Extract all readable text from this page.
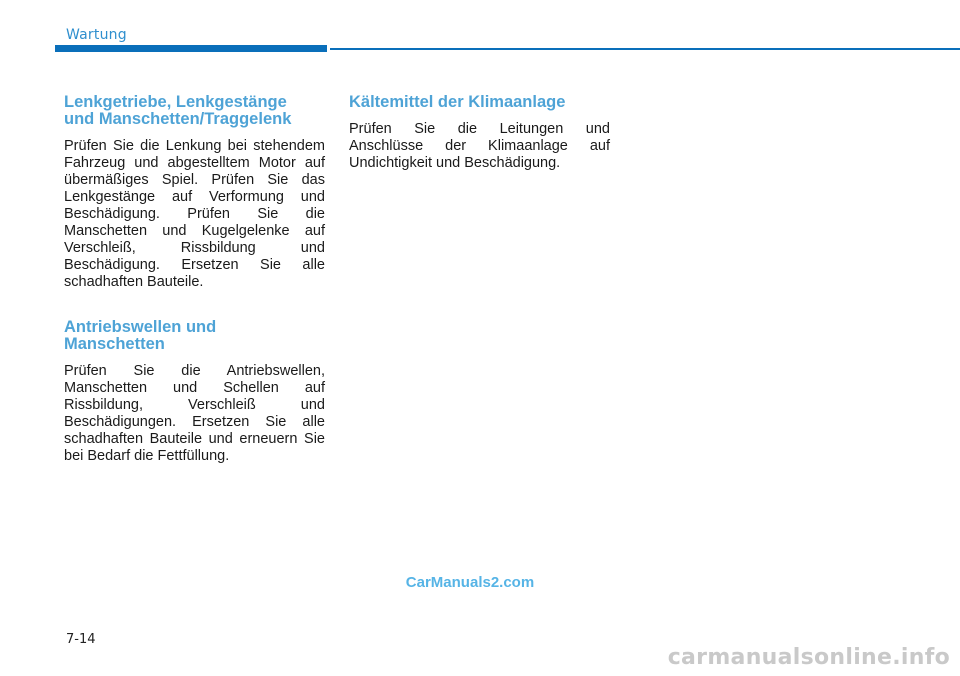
Wartung
Lenkgetriebe, Lenkgestänge
und Manschetten/Traggelenk

Prüfen Sie die Lenkung bei stehendem Fahrzeug und abgestelltem Motor auf übermäßiges Spiel. Prüfen Sie das Lenkgestänge auf Verformung und Beschädigung. Prüfen Sie die Manschetten und Kugelgelenke auf Verschleiß, Rissbildung und Beschädigung. Ersetzen Sie alle schadhaften Bauteile.

Antriebswellen und
Manschetten

Prüfen Sie die Antriebswellen, Manschetten und Schellen auf Rissbildung, Verschleiß und Beschädigungen. Ersetzen Sie alle schadhaften Bauteile und erneuern Sie bei Bedarf die Fettfüllung.

Kältemittel der Klimaanlage

Prüfen Sie die Leitungen und Anschlüsse der Klimaanlage auf Undichtigkeit und Beschädigung.

CarManuals2.com
7-14
carmanualsonline.info
